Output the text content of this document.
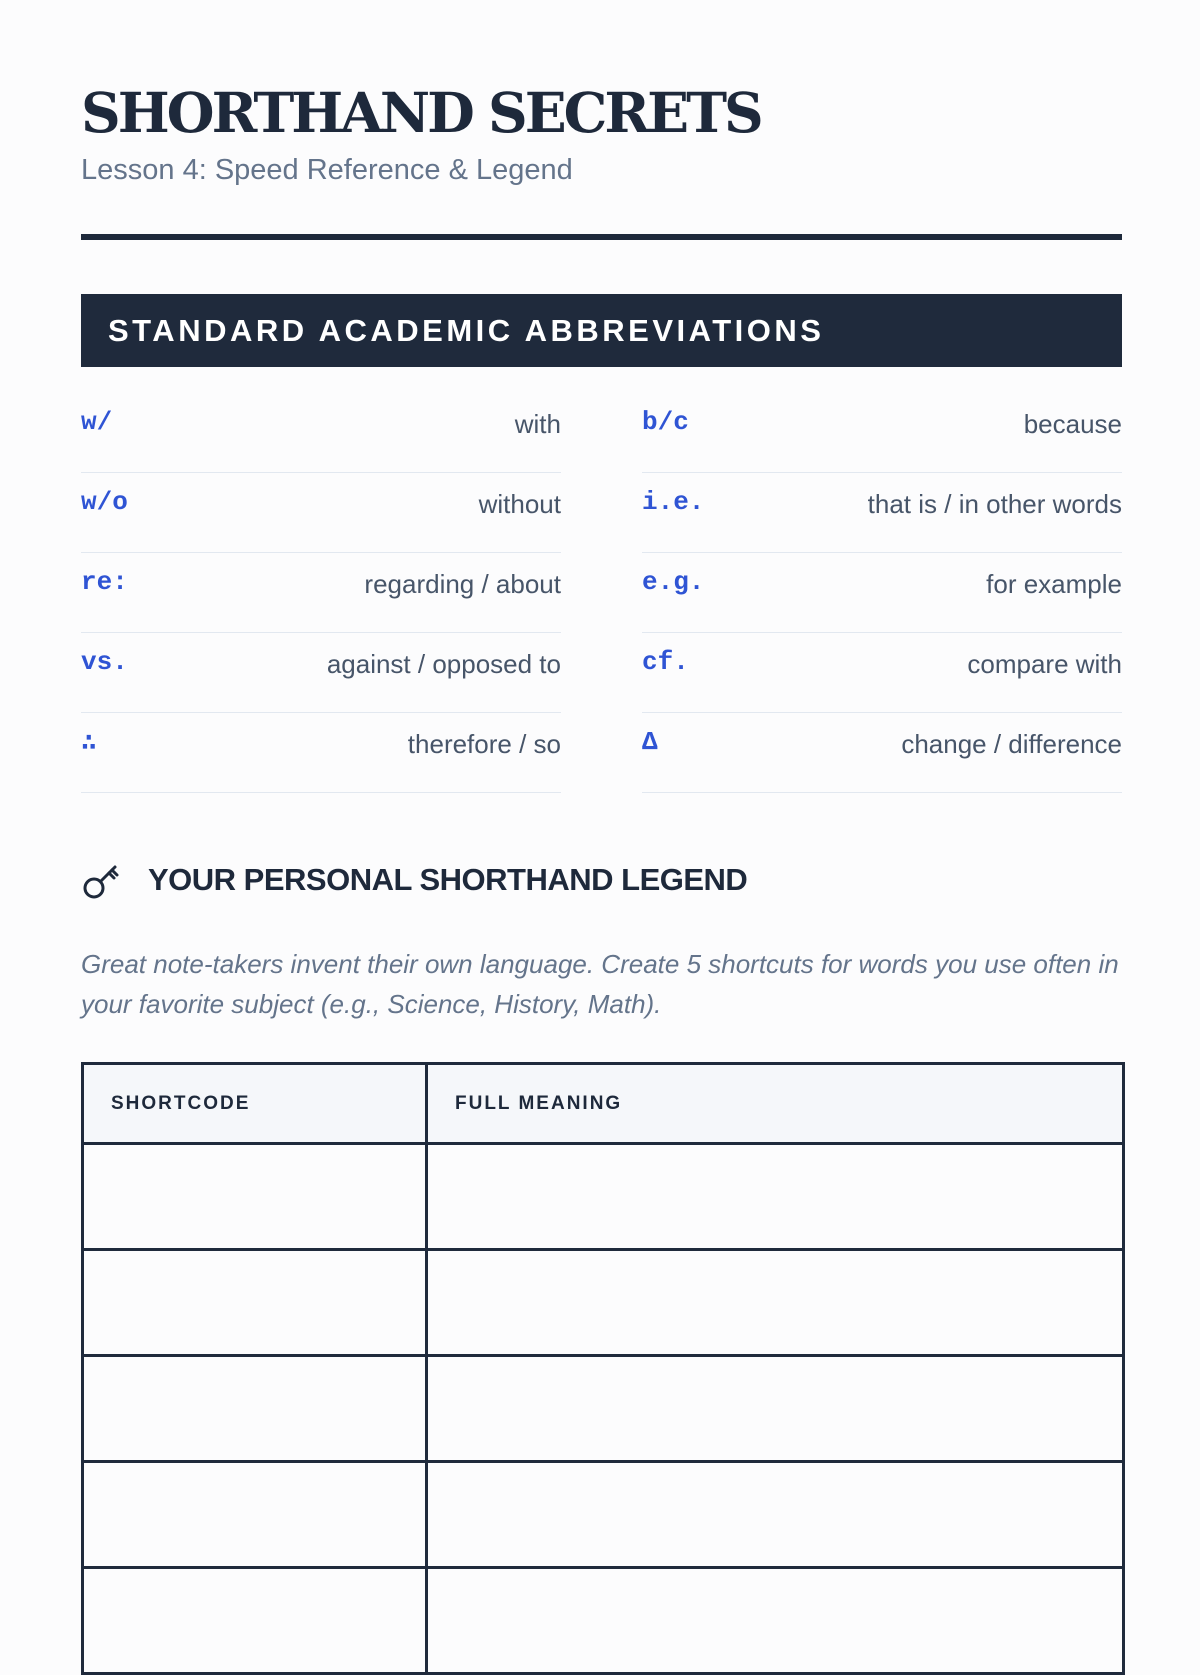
SHORTHAND SECRETS

Lesson 4: Speed Reference & Legend

STANDARD ACADEMIC ABBREVIATIONS
w/	with
w/o	without
re:	regarding / about
vs.	against / opposed to
∴	therefore / so
b/c	because
i.e.	that is / in other words
e.g.	for example
cf.	compare with
Δ	change / difference
YOUR PERSONAL SHORTHAND LEGEND

Great note-takers invent their own language. Create 5 shortcuts for words you use often in your favorite subject (e.g., Science, History, Math).

SHORTCODE	FULL MEANING
